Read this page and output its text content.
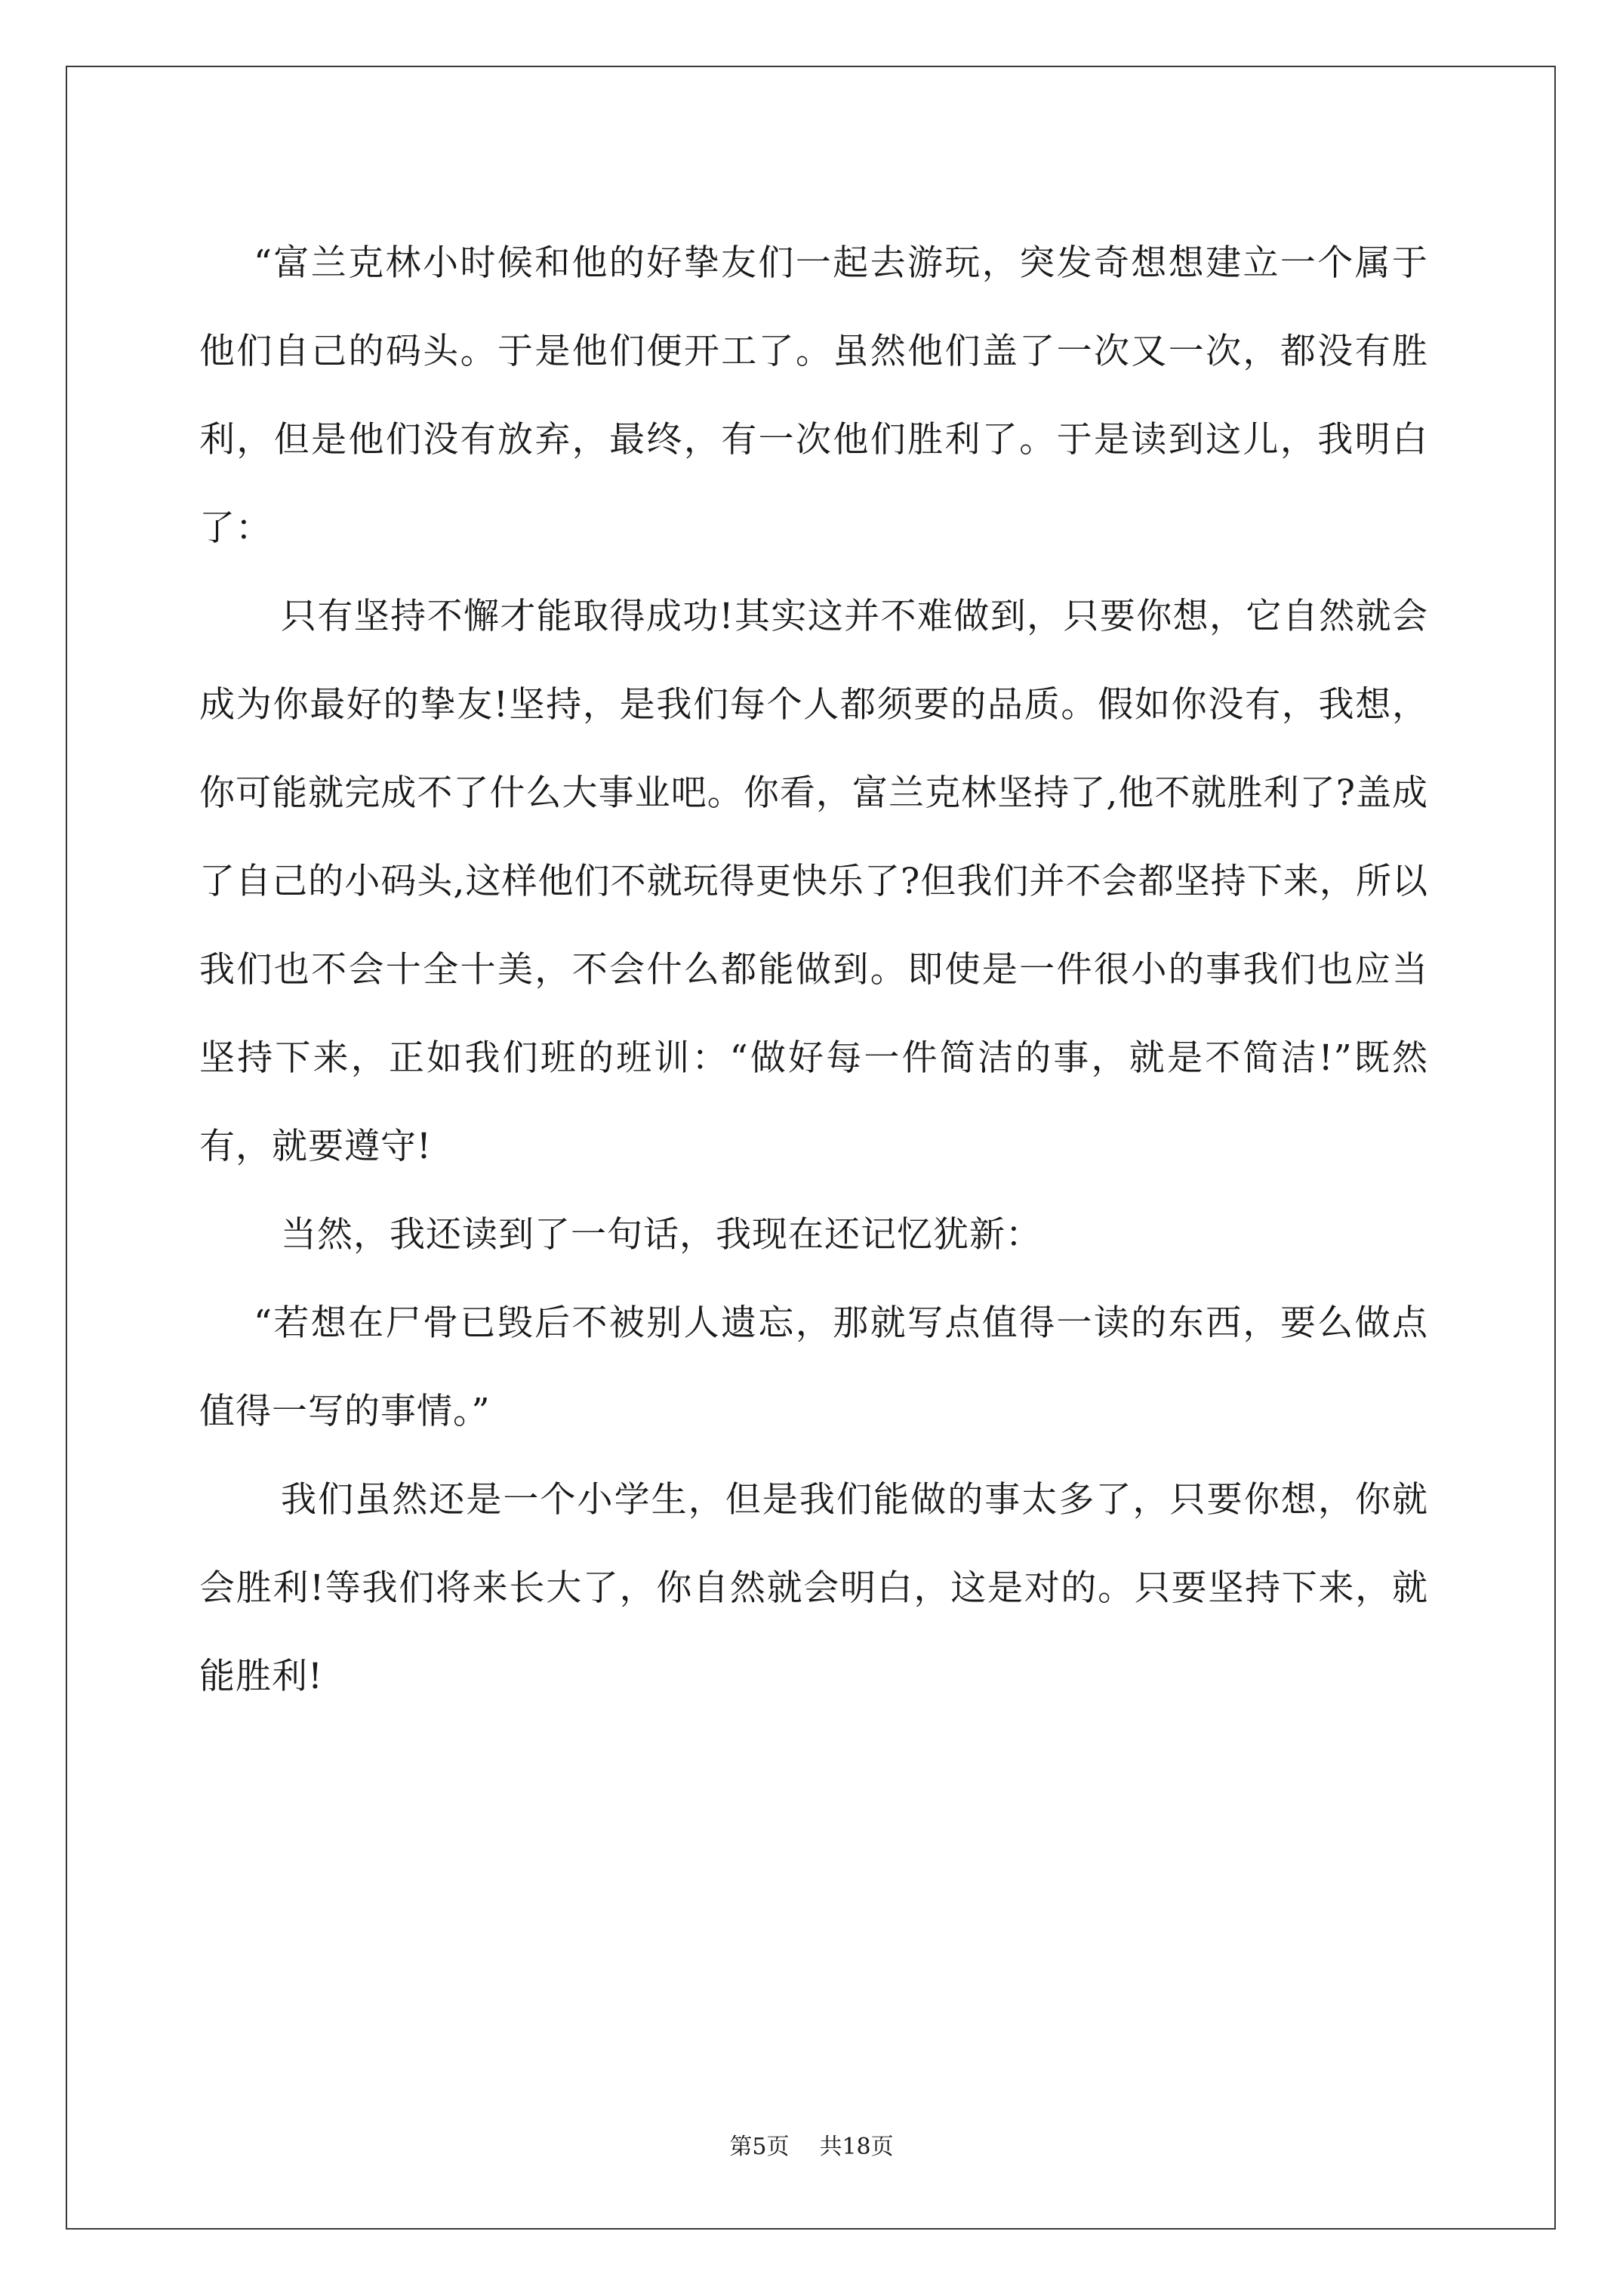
“富兰克林小时候和他的好挚友们一起去游玩，突发奇想想建立一个属于他们自己的码头。于是他们便开工了。虽然他们盖了一次又一次，都没有胜利，但是他们没有放弃，最终，有一次他们胜利了。于是读到这儿，我明白了：

只有坚持不懈才能取得成功!其实这并不难做到，只要你想，它自然就会成为你最好的挚友!坚持，是我们每个人都须要的品质。假如你没有，我想，你可能就完成不了什么大事业吧。你看，富兰克林坚持了,他不就胜利了?盖成了自己的小码头,这样他们不就玩得更快乐了?但我们并不会都坚持下来，所以我们也不会十全十美，不会什么都能做到。即使是一件很小的事我们也应当坚持下来，正如我们班的班训：“做好每一件简洁的事，就是不简洁!”既然有，就要遵守!

当然，我还读到了一句话，我现在还记忆犹新：

“若想在尸骨已毁后不被别人遗忘，那就写点值得一读的东西，要么做点值得一写的事情。”

我们虽然还是一个小学生，但是我们能做的事太多了，只要你想，你就会胜利!等我们将来长大了，你自然就会明白，这是对的。只要坚持下来，就能胜利!

第5页 共18页
